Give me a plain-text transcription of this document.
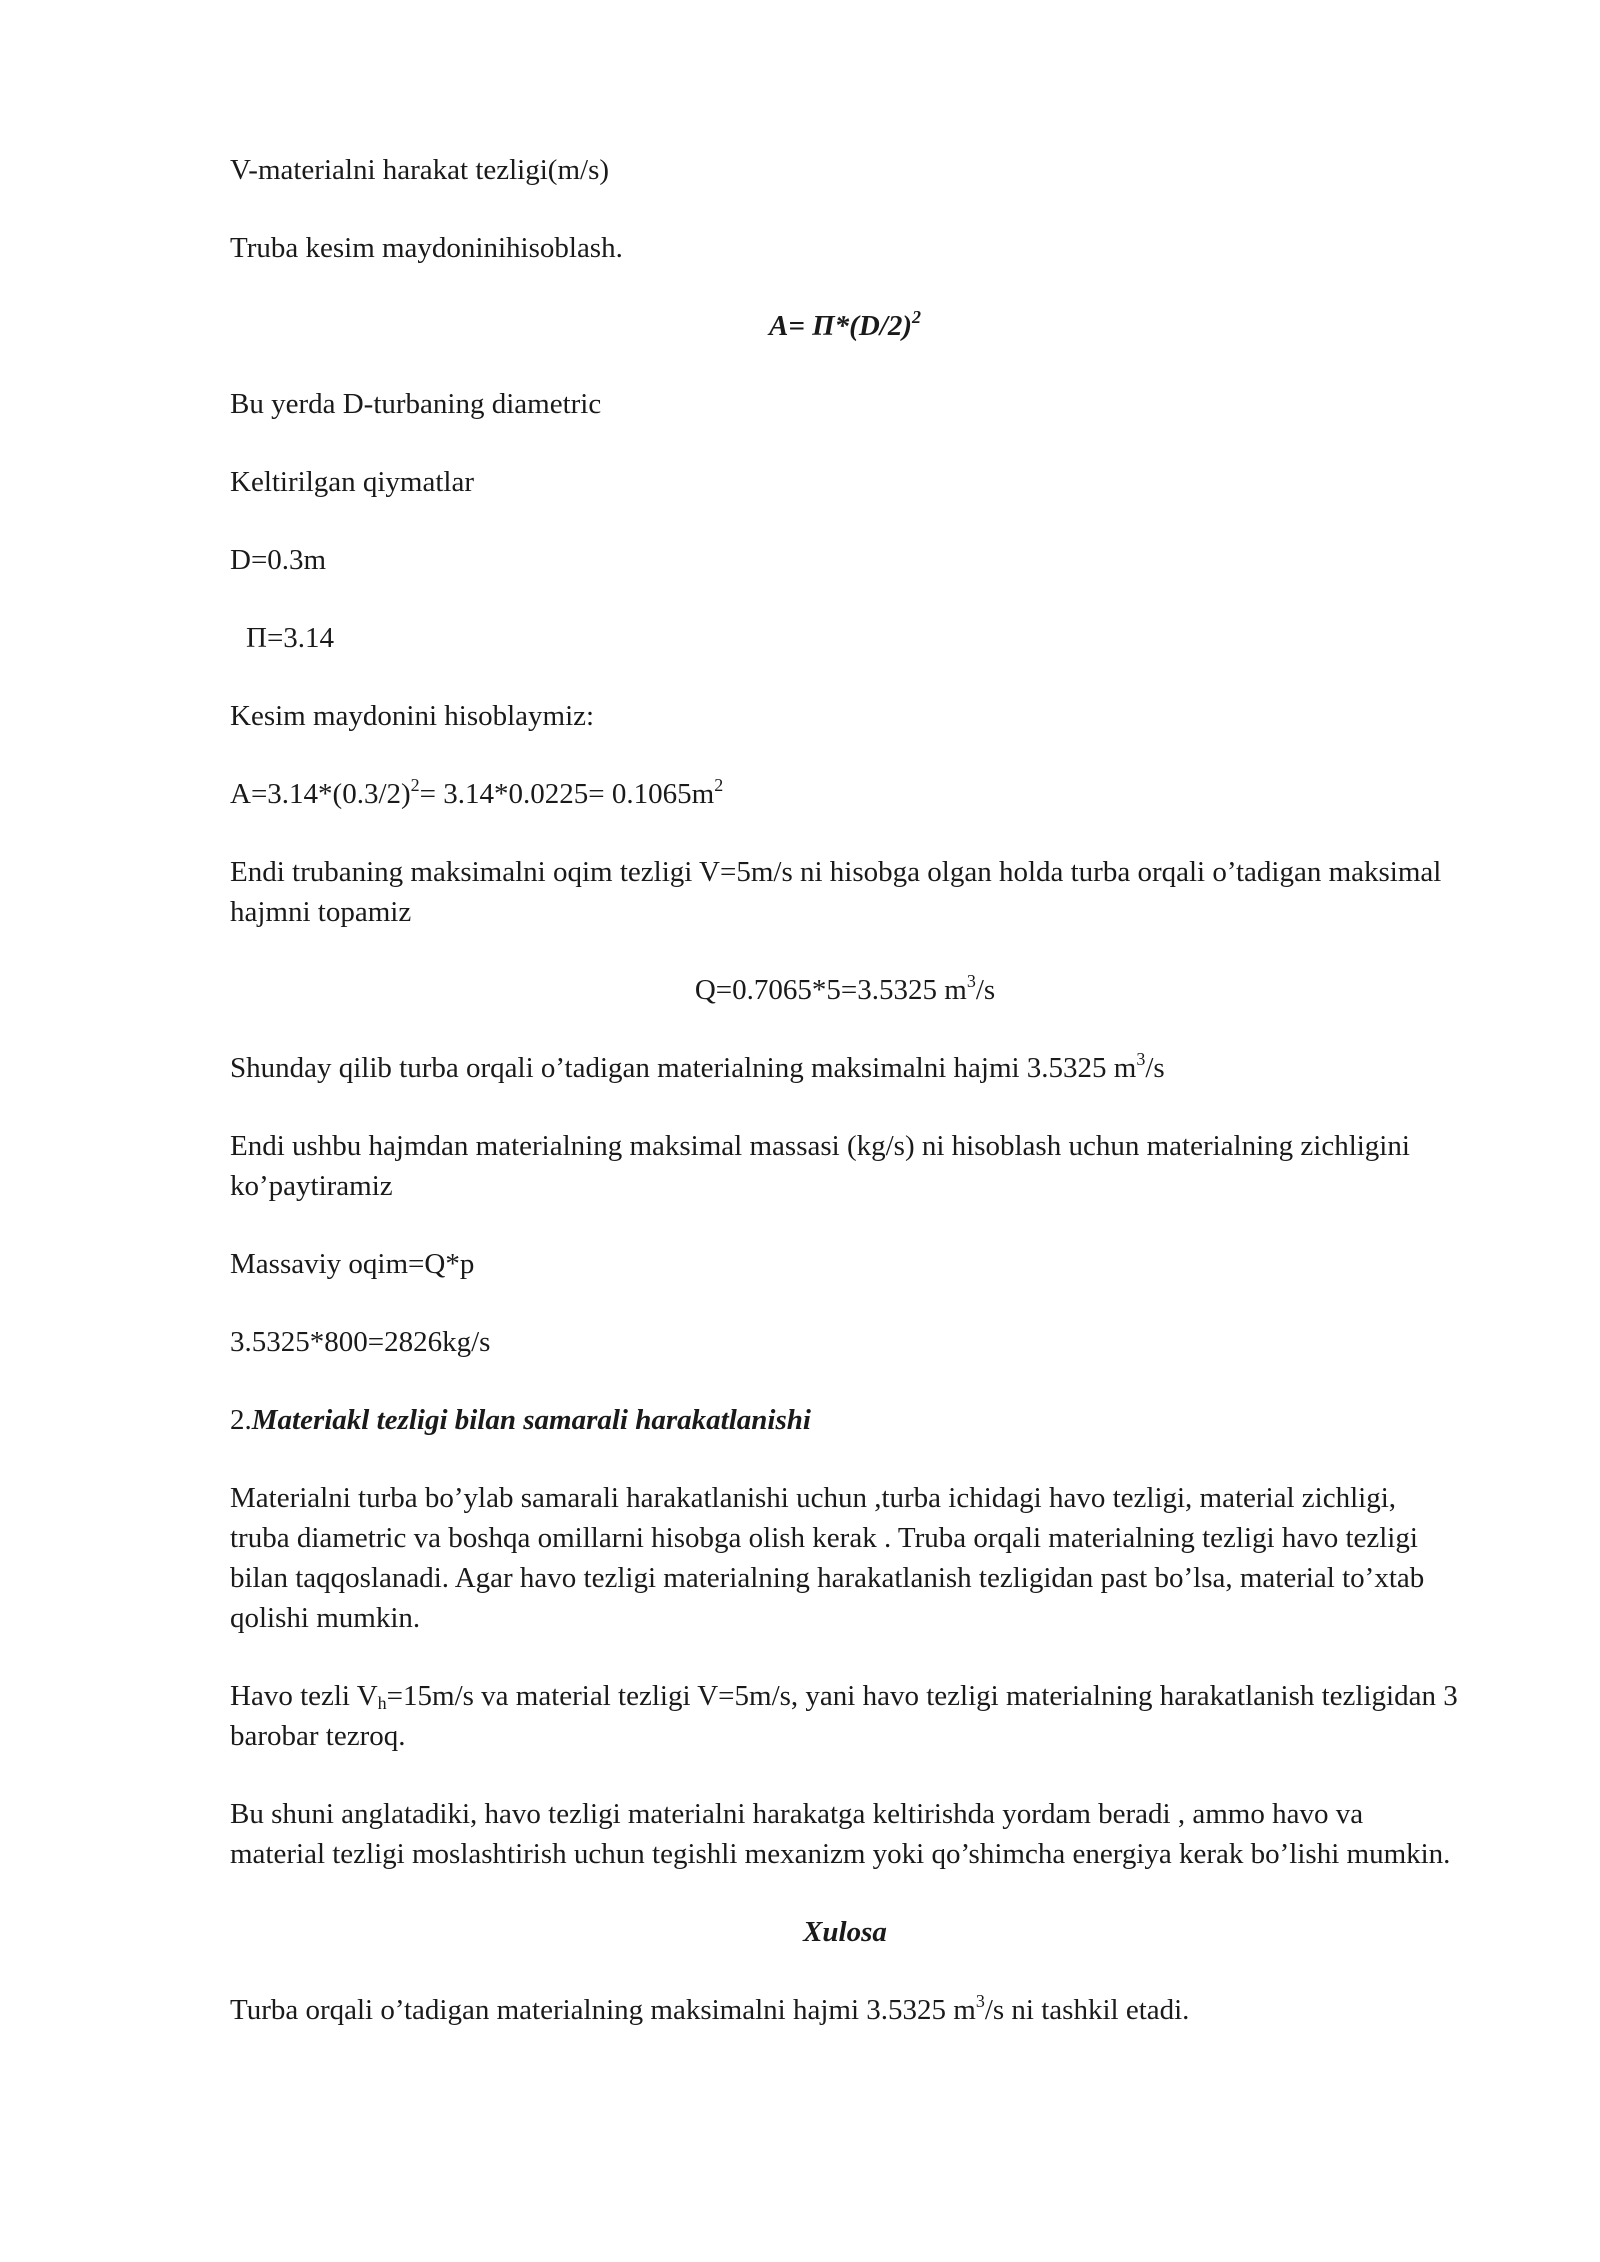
V-materialni harakat tezligi(m/s)

Truba kesim maydoninihisoblash.

$A= \Pi*(D/2)^2$

Bu yerda D-turbaning diametric

Keltirilgan qiymatlar

D=0.3m

Π=3.14

Kesim maydonini hisoblaymiz:

$A=3.14*(0.3/2)^2= 3.14*0.0225= 0.1065m^2$

Endi trubaning maksimalni oqim tezligi V=5m/s ni hisobga olgan holda turba orqali o’tadigan maksimal hajmni topamiz

Q=0.7065*5=3.5325 $m^3/s$

Shunday qilib turba orqali o’tadigan materialning maksimalni hajmi 3.5325 $m^3/s$

Endi ushbu hajmdan materialning maksimal massasi (kg/s) ni hisoblash uchun materialning zichligini ko’paytiramiz

Massaviy oqim=Q*p

3.5325*800=2826kg/s

2.Materiakl tezligi bilan samarali harakatlanishi

Materialni turba bo’ylab samarali harakatlanishi uchun ,turba ichidagi havo tezligi, material zichligi, truba diametric va boshqa omillarni hisobga olish kerak . Truba orqali materialning tezligi havo tezligi bilan taqqoslanadi. Agar havo tezligi materialning harakatlanish tezligidan past bo’lsa, material to’xtab qolishi mumkin.

Havo tezli $V_h=15m/s$ va material tezligi V=5m/s, yani havo tezligi materialning harakatlanish tezligidan 3 barobar tezroq.

Bu shuni anglatadiki, havo tezligi materialni harakatga keltirishda yordam beradi , ammo havo va material tezligi moslashtirish uchun tegishli mexanizm yoki qo’shimcha energiya kerak bo’lishi mumkin.

Xulosa

Turba orqali o’tadigan materialning maksimalni hajmi 3.5325 $m^3/s$ ni tashkil etadi.
